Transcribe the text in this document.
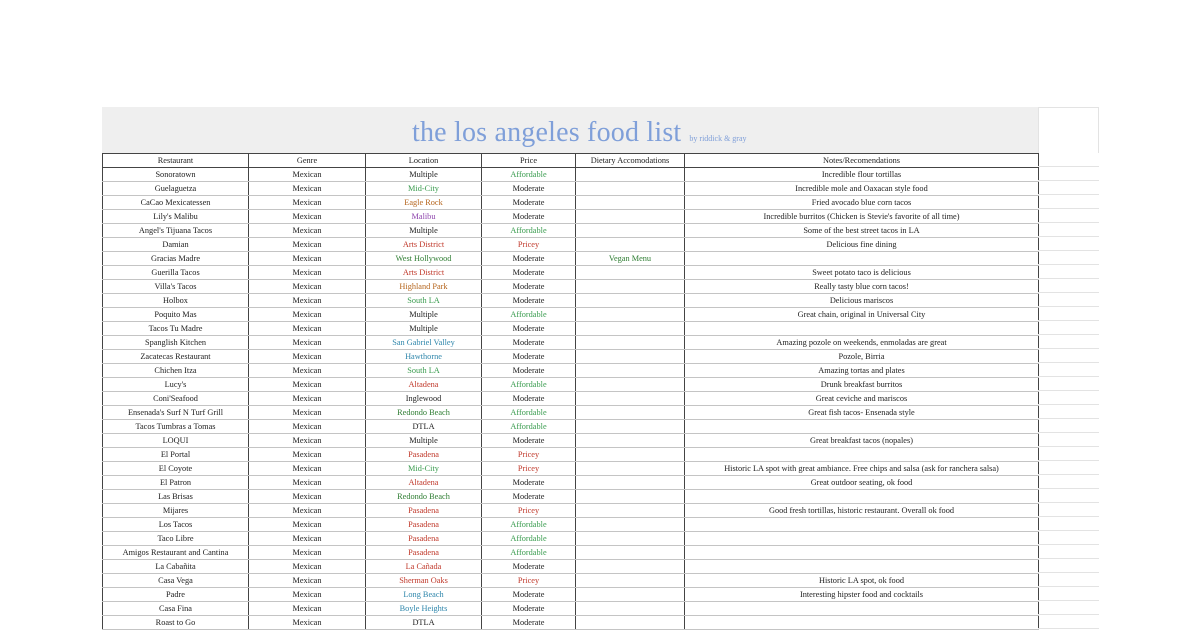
the los angeles food list by riddick & gray
Restaurant	Genre	Location	Price	Dietary Accomodations	Notes/Recomendations
Sonoratown	Mexican	Multiple	Affordable		Incredible flour tortillas
Guelaguetza	Mexican	Mid-City	Moderate		Incredible mole and Oaxacan style food
CaCao Mexicatessen	Mexican	Eagle Rock	Moderate		Fried avocado blue corn tacos
Lily's Malibu	Mexican	Malibu	Moderate		Incredible burritos (Chicken is Stevie's favorite of all time)
Angel's Tijuana Tacos	Mexican	Multiple	Affordable		Some of the best street tacos in LA
Damian	Mexican	Arts District	Pricey		Delicious fine dining
Gracias Madre	Mexican	West Hollywood	Moderate	Vegan Menu	
Guerilla Tacos	Mexican	Arts District	Moderate		Sweet potato taco is delicious
Villa's Tacos	Mexican	Highland Park	Moderate		Really tasty blue corn tacos!
Holbox	Mexican	South LA	Moderate		Delicious mariscos
Poquito Mas	Mexican	Multiple	Affordable		Great chain, original in Universal City
Tacos Tu Madre	Mexican	Multiple	Moderate		
Spanglish Kitchen	Mexican	San Gabriel Valley	Moderate		Amazing pozole on weekends, enmoladas are great
Zacatecas Restaurant	Mexican	Hawthorne	Moderate		Pozole, Birria
Chichen Itza	Mexican	South LA	Moderate		Amazing tortas and plates
Lucy's	Mexican	Altadena	Affordable		Drunk breakfast burritos
Coni'Seafood	Mexican	Inglewood	Moderate		Great ceviche and mariscos
Ensenada's Surf N Turf Grill	Mexican	Redondo Beach	Affordable		Great fish tacos- Ensenada style
Tacos Tumbras a Tomas	Mexican	DTLA	Affordable		
LOQUI	Mexican	Multiple	Moderate		Great breakfast tacos (nopales)
El Portal	Mexican	Pasadena	Pricey		
El Coyote	Mexican	Mid-City	Pricey		Historic LA spot with great ambiance. Free chips and salsa (ask for ranchera salsa)
El Patron	Mexican	Altadena	Moderate		Great outdoor seating, ok food
Las Brisas	Mexican	Redondo Beach	Moderate		
Mijares	Mexican	Pasadena	Pricey		Good fresh tortillas, historic restaurant. Overall ok food
Los Tacos	Mexican	Pasadena	Affordable		
Taco Libre	Mexican	Pasadena	Affordable		
Amigos Restaurant and Cantina	Mexican	Pasadena	Affordable		
La Cabañita	Mexican	La Cañada	Moderate		
Casa Vega	Mexican	Sherman Oaks	Pricey		Historic LA spot, ok food
Padre	Mexican	Long Beach	Moderate		Interesting hipster food and cocktails
Casa Fina	Mexican	Boyle Heights	Moderate		
Roast to Go	Mexican	DTLA	Moderate		
